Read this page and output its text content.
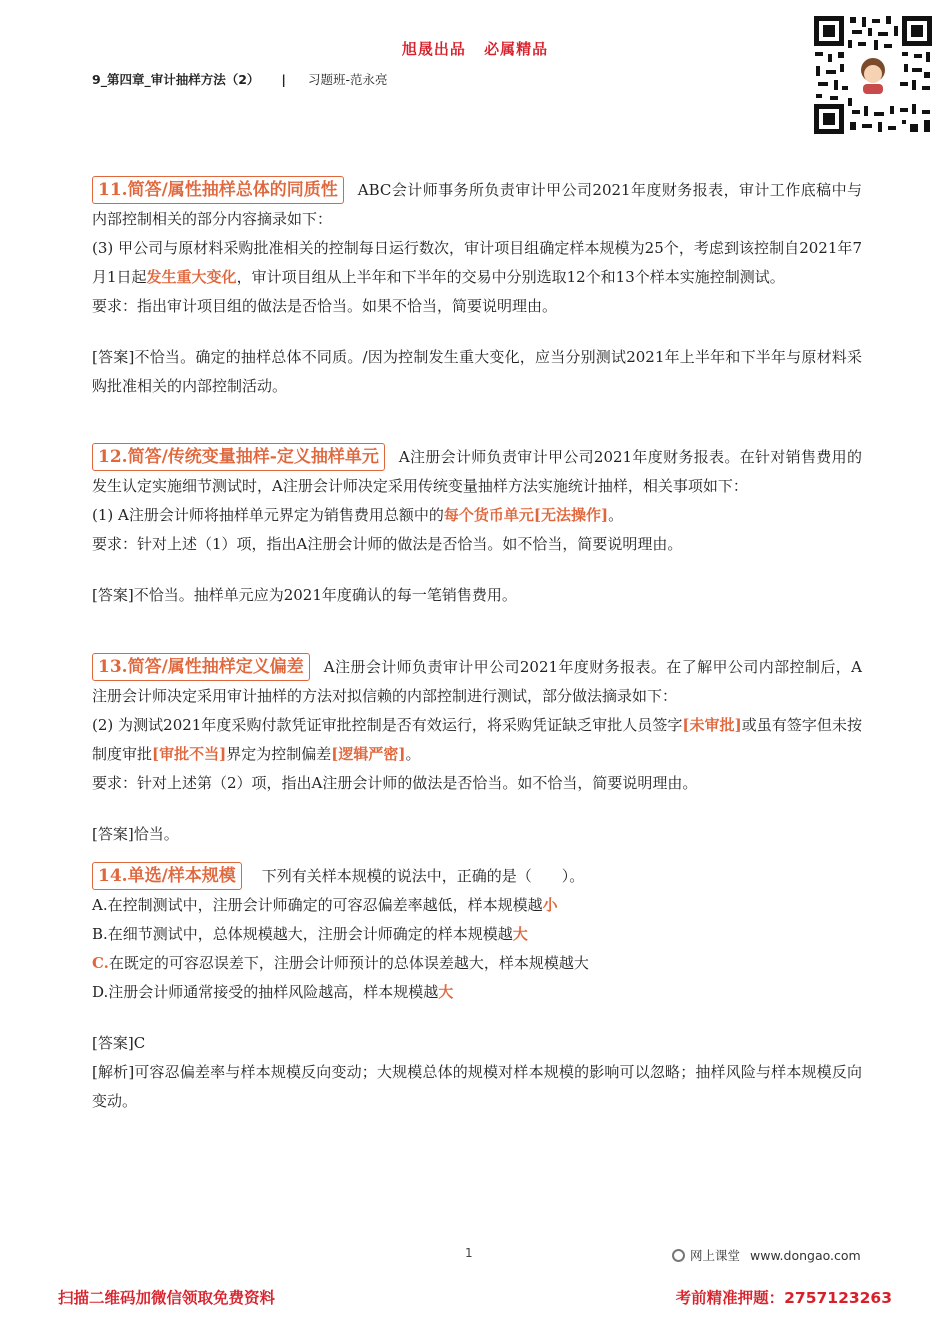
旭晟出品 必属精品
9_第四章_审计抽样方法（2） | 习题班-范永亮

11.简答/属性抽样总体的同质性 ABC会计师事务所负责审计甲公司2021年度财务报表，审计工作底稿中与内部控制相关的部分内容摘录如下：

(3) 甲公司与原材料采购批准相关的控制每日运行数次，审计项目组确定样本规模为25个，考虑到该控制自2021年7月1日起发生重大变化，审计项目组从上半年和下半年的交易中分别选取12个和13个样本实施控制测试。

要求：指出审计项目组的做法是否恰当。如果不恰当，简要说明理由。

[答案]不恰当。确定的抽样总体不同质。/因为控制发生重大变化，应当分别测试2021年上半年和下半年与原材料采购批准相关的内部控制活动。

12.简答/传统变量抽样-定义抽样单元 A注册会计师负责审计甲公司2021年度财务报表。在针对销售费用的发生认定实施细节测试时，A注册会计师决定采用传统变量抽样方法实施统计抽样，相关事项如下：

(1) A注册会计师将抽样单元界定为销售费用总额中的每个货币单元[无法操作]。

要求：针对上述（1）项，指出A注册会计师的做法是否恰当。如不恰当，简要说明理由。

[答案]不恰当。抽样单元应为2021年度确认的每一笔销售费用。

13.简答/属性抽样定义偏差 A注册会计师负责审计甲公司2021年度财务报表。在了解甲公司内部控制后，A注册会计师决定采用审计抽样的方法对拟信赖的内部控制进行测试，部分做法摘录如下：

(2) 为测试2021年度采购付款凭证审批控制是否有效运行，将采购凭证缺乏审批人员签字[未审批]或虽有签字但未按制度审批[审批不当]界定为控制偏差[逻辑严密]。

要求：针对上述第（2）项，指出A注册会计师的做法是否恰当。如不恰当，简要说明理由。

[答案]恰当。

14.单选/样本规模 下列有关样本规模的说法中，正确的是（　　）。

A.在控制测试中，注册会计师确定的可容忍偏差率越低，样本规模越小

B.在细节测试中，总体规模越大，注册会计师确定的样本规模越大

C.在既定的可容忍误差下，注册会计师预计的总体误差越大，样本规模越大

D.注册会计师通常接受的抽样风险越高，样本规模越大

[答案]C

[解析]可容忍偏差率与样本规模反向变动；大规模总体的规模对样本规模的影响可以忽略；抽样风险与样本规模反向变动。

1	网上课堂 www.dongao.com
扫描二维码加微信领取免费资料	考前精准押题：2757123263
